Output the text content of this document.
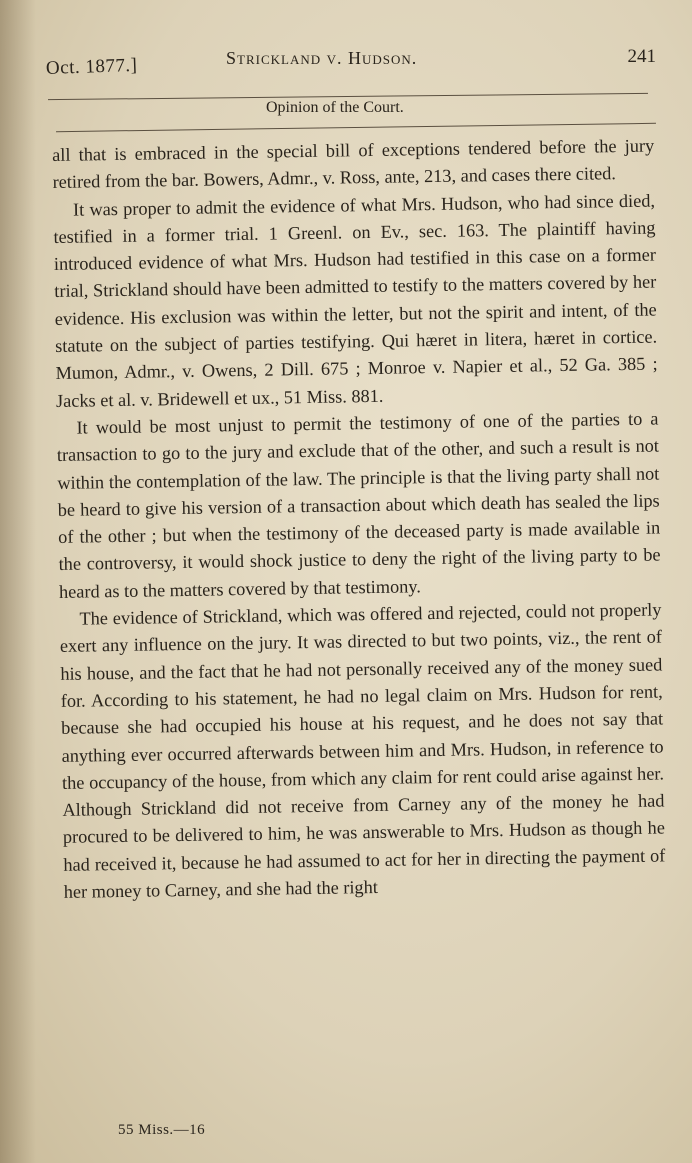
Oct. 1877.]	Strickland v. Hudson.	241
Opinion of the Court.

all that is embraced in the special bill of exceptions tendered before the jury retired from the bar. Bowers, Admr., v. Ross, ante, 213, and cases there cited.

It was proper to admit the evidence of what Mrs. Hudson, who had since died, testified in a former trial. 1 Greenl. on Ev., sec. 163. The plaintiff having introduced evidence of what Mrs. Hudson had testified in this case on a former trial, Strickland should have been admitted to testify to the matters covered by her evidence. His exclusion was within the letter, but not the spirit and intent, of the statute on the subject of parties testifying. Qui hæret in litera, hæret in cortice. Mumon, Admr., v. Owens, 2 Dill. 675 ; Monroe v. Napier et al., 52 Ga. 385 ; Jacks et al. v. Bridewell et ux., 51 Miss. 881.

It would be most unjust to permit the testimony of one of the parties to a transaction to go to the jury and exclude that of the other, and such a result is not within the contemplation of the law. The principle is that the living party shall not be heard to give his version of a transaction about which death has sealed the lips of the other ; but when the testimony of the deceased party is made available in the controversy, it would shock justice to deny the right of the living party to be heard as to the matters covered by that testimony.

The evidence of Strickland, which was offered and rejected, could not properly exert any influence on the jury. It was directed to but two points, viz., the rent of his house, and the fact that he had not personally received any of the money sued for. According to his statement, he had no legal claim on Mrs. Hudson for rent, because she had occupied his house at his request, and he does not say that anything ever occurred afterwards between him and Mrs. Hudson, in reference to the occupancy of the house, from which any claim for rent could arise against her. Although Strickland did not receive from Carney any of the money he had procured to be delivered to him, he was answerable to Mrs. Hudson as though he had received it, because he had assumed to act for her in directing the payment of her money to Carney, and she had the right

55 Miss.—16
